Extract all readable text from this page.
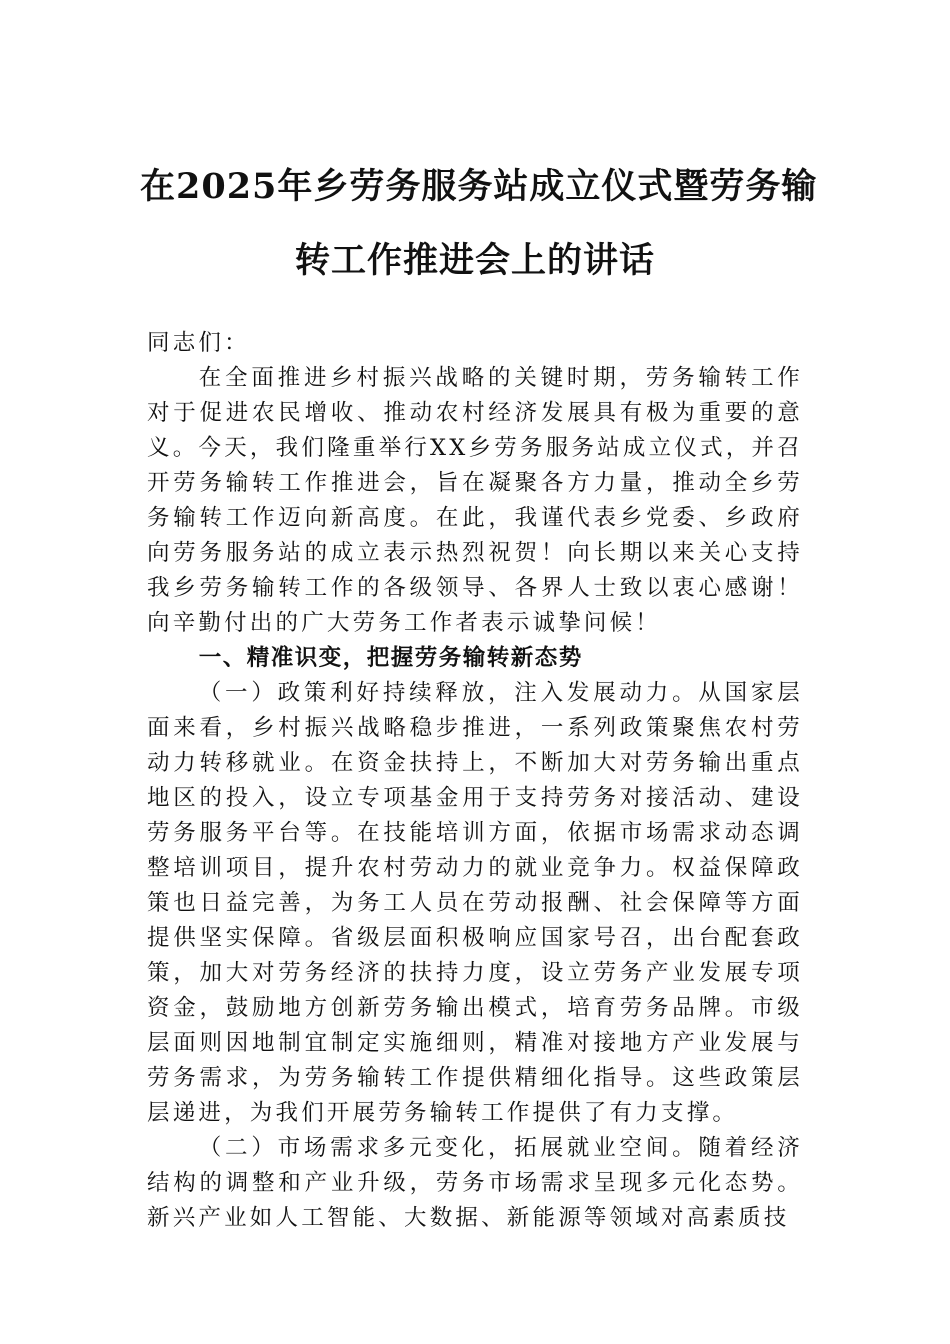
在2025年乡劳务服务站成立仪式暨劳务输
转工作推进会上的讲话

同志们：

在全面推进乡村振兴战略的关键时期，劳务输转工作对于促进农民增收、推动农村经济发展具有极为重要的意义。今天，我们隆重举行XX乡劳务服务站成立仪式，并召开劳务输转工作推进会，旨在凝聚各方力量，推动全乡劳务输转工作迈向新高度。在此，我谨代表乡党委、乡政府向劳务服务站的成立表示热烈祝贺！向长期以来关心支持我乡劳务输转工作的各级领导、各界人士致以衷心感谢！向辛勤付出的广大劳务工作者表示诚挚问候！

一、精准识变，把握劳务输转新态势

（一）政策利好持续释放，注入发展动力。从国家层面来看，乡村振兴战略稳步推进，一系列政策聚焦农村劳动力转移就业。在资金扶持上，不断加大对劳务输出重点地区的投入，设立专项基金用于支持劳务对接活动、建设劳务服务平台等。在技能培训方面，依据市场需求动态调整培训项目，提升农村劳动力的就业竞争力。权益保障政策也日益完善，为务工人员在劳动报酬、社会保障等方面提供坚实保障。省级层面积极响应国家号召，出台配套政策，加大对劳务经济的扶持力度，设立劳务产业发展专项资金，鼓励地方创新劳务输出模式，培育劳务品牌。市级层面则因地制宜制定实施细则，精准对接地方产业发展与劳务需求，为劳务输转工作提供精细化指导。这些政策层层递进，为我们开展劳务输转工作提供了有力支撑。

（二）市场需求多元变化，拓展就业空间。随着经济结构的调整和产业升级，劳务市场需求呈现多元化态势。新兴产业如人工智能、大数据、新能源等领域对高素质技
